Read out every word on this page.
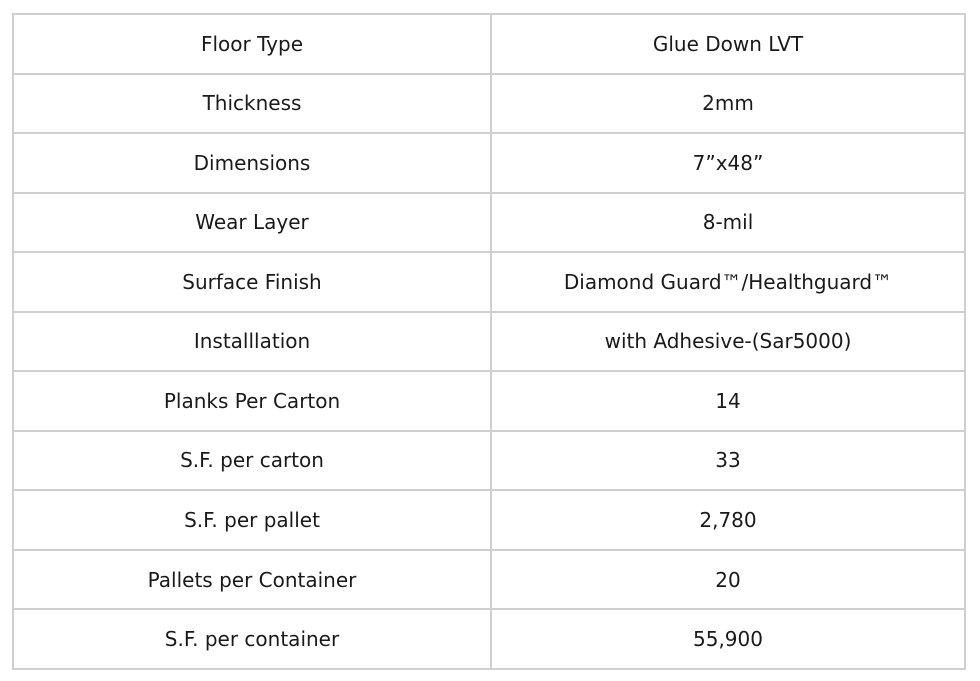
Floor Type	Glue Down LVT
Thickness	2mm
Dimensions	7”x48”
Wear Layer	8-mil
Surface Finish	Diamond Guard™/Healthguard™
Installlation	with Adhesive-(Sar5000)
Planks Per Carton	14
S.F. per carton	33
S.F. per pallet	2,780
Pallets per Container	20
S.F. per container	55,900
